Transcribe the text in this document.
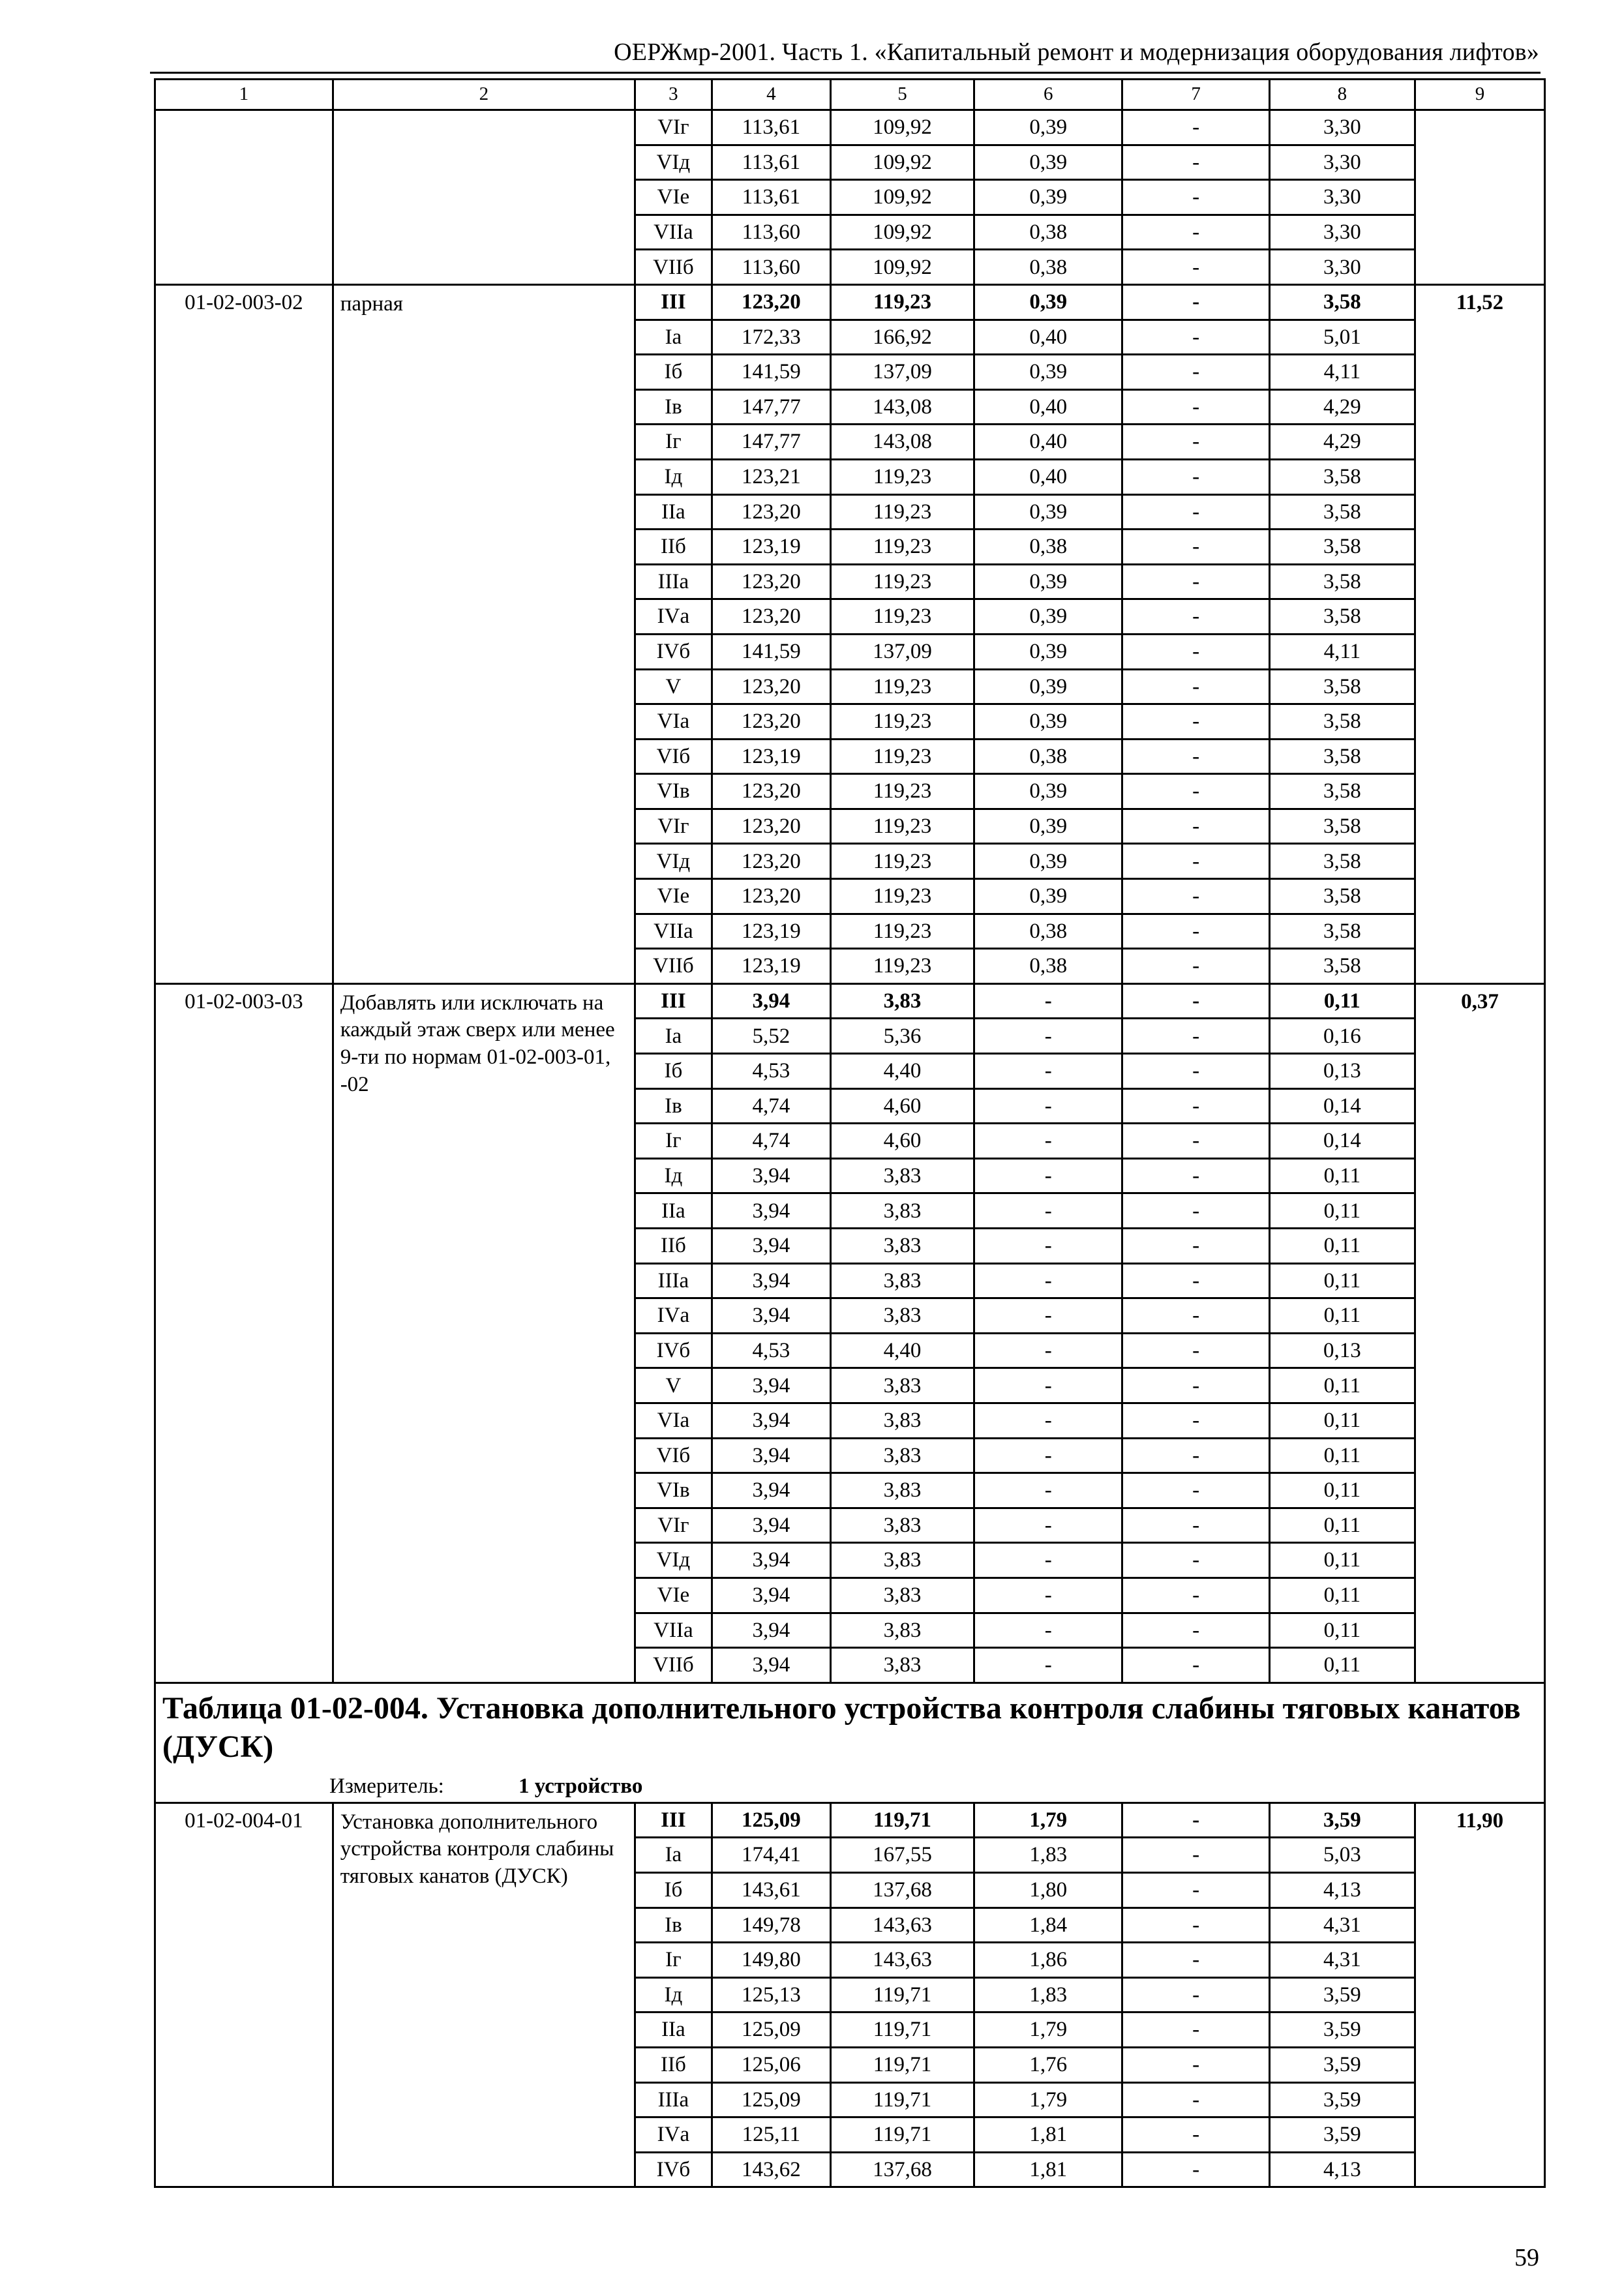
ОЕРЖмр-2001. Часть 1. «Капитальный ремонт и модернизация оборудования лифтов»
1	2	3	4	5	6	7	8	9
		VIг	113,61	109,92	0,39	-	3,30	
		VIд	113,61	109,92	0,39	-	3,30	
		VIе	113,61	109,92	0,39	-	3,30	
		VIIа	113,60	109,92	0,38	-	3,30	
		VIIб	113,60	109,92	0,38	-	3,30	
01-02-003-02	парная	III	123,20	119,23	0,39	-	3,58	11,52
		Iа	172,33	166,92	0,40	-	5,01	
		Iб	141,59	137,09	0,39	-	4,11	
		Iв	147,77	143,08	0,40	-	4,29	
		Iг	147,77	143,08	0,40	-	4,29	
		Iд	123,21	119,23	0,40	-	3,58	
		IIа	123,20	119,23	0,39	-	3,58	
		IIб	123,19	119,23	0,38	-	3,58	
		IIIа	123,20	119,23	0,39	-	3,58	
		IVа	123,20	119,23	0,39	-	3,58	
		IVб	141,59	137,09	0,39	-	4,11	
		V	123,20	119,23	0,39	-	3,58	
		VIа	123,20	119,23	0,39	-	3,58	
		VIб	123,19	119,23	0,38	-	3,58	
		VIв	123,20	119,23	0,39	-	3,58	
		VIг	123,20	119,23	0,39	-	3,58	
		VIд	123,20	119,23	0,39	-	3,58	
		VIе	123,20	119,23	0,39	-	3,58	
		VIIа	123,19	119,23	0,38	-	3,58	
		VIIб	123,19	119,23	0,38	-	3,58	
01-02-003-03	Добавлять или исключать на каждый этаж сверх или менее 9-ти по нормам 01-02-003-01, -02	III	3,94	3,83	-	-	0,11	0,37
		Iа	5,52	5,36	-	-	0,16	
		Iб	4,53	4,40	-	-	0,13	
		Iв	4,74	4,60	-	-	0,14	
		Iг	4,74	4,60	-	-	0,14	
		Iд	3,94	3,83	-	-	0,11	
		IIа	3,94	3,83	-	-	0,11	
		IIб	3,94	3,83	-	-	0,11	
		IIIа	3,94	3,83	-	-	0,11	
		IVа	3,94	3,83	-	-	0,11	
		IVб	4,53	4,40	-	-	0,13	
		V	3,94	3,83	-	-	0,11	
		VIа	3,94	3,83	-	-	0,11	
		VIб	3,94	3,83	-	-	0,11	
		VIв	3,94	3,83	-	-	0,11	
		VIг	3,94	3,83	-	-	0,11	
		VIд	3,94	3,83	-	-	0,11	
		VIе	3,94	3,83	-	-	0,11	
		VIIа	3,94	3,83	-	-	0,11	
		VIIб	3,94	3,83	-	-	0,11	

Таблица 01-02-004. Установка дополнительного устройства контроля слабины тяговых канатов (ДУСК)
Измеритель: 1 устройство								

01-02-004-01	Установка дополнительного устройства контроля слабины тяговых канатов (ДУСК)	III	125,09	119,71	1,79	-	3,59	11,90
		Iа	174,41	167,55	1,83	-	5,03	
		Iб	143,61	137,68	1,80	-	4,13	
		Iв	149,78	143,63	1,84	-	4,31	
		Iг	149,80	143,63	1,86	-	4,31	
		Iд	125,13	119,71	1,83	-	3,59	
		IIа	125,09	119,71	1,79	-	3,59	
		IIб	125,06	119,71	1,76	-	3,59	
		IIIа	125,09	119,71	1,79	-	3,59	
		IVа	125,11	119,71	1,81	-	3,59	
		IVб	143,62	137,68	1,81	-	4,13	
59
